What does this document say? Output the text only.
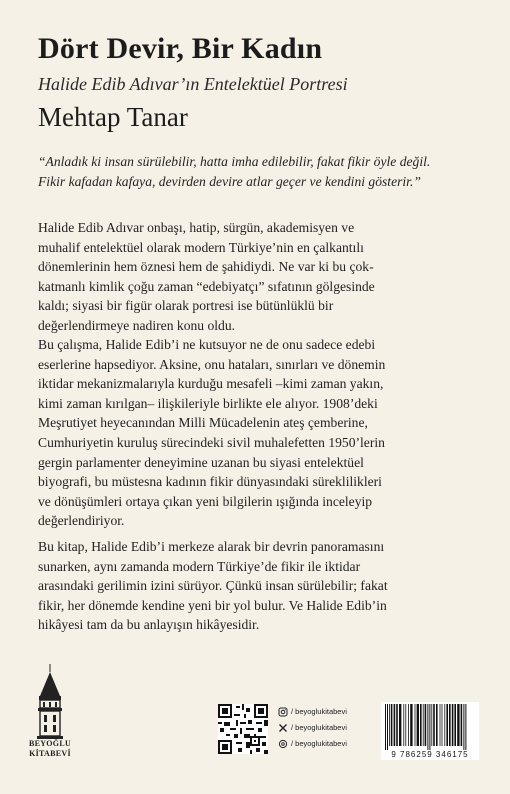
Dört Devir, Bir Kadın
Halide Edib Adıvar’ın Entelektüel Portresi
Mehtap Tanar
“Anladık ki insan sürülebilir, hatta imha edilebilir, fakat fikir öyle değil.
Fikir kafadan kafaya, devirden devire atlar geçer ve kendini gösterir.”
Halide Edib Adıvar onbaşı, hatip, sürgün, akademisyen ve
muhalif entelektüel olarak modern Türkiye’nin en çalkantılı
dönemlerinin hem öznesi hem de şahidiydi. Ne var ki bu çok-
katmanlı kimlik çoğu zaman “edebiyatçı” sıfatının gölgesinde
kaldı; siyasi bir figür olarak portresi ise bütünlüklü bir
değerlendirmeye nadiren konu oldu.
Bu çalışma, Halide Edib’i ne kutsuyor ne de onu sadece edebi
eserlerine hapsediyor. Aksine, onu hataları, sınırları ve dönemin
iktidar mekanizmalarıyla kurduğu mesafeli –kimi zaman yakın,
kimi zaman kırılgan– ilişkileriyle birlikte ele alıyor. 1908’deki
Meşrutiyet heyecanından Milli Mücadelenin ateş çemberine,
Cumhuriyetin kuruluş sürecindeki sivil muhalefetten 1950’lerin
gergin parlamenter deneyimine uzanan bu siyasi entelektüel
biyografi, bu müstesna kadının fikir dünyasındaki süreklilikleri
ve dönüşümleri ortaya çıkan yeni bilgilerin ışığında inceleyip
değerlendiriyor.
Bu kitap, Halide Edib’i merkeze alarak bir devrin panoramasını
sunarken, aynı zamanda modern Türkiye’de fikir ile iktidar
arasındaki gerilimin izini sürüyor. Çünkü insan sürülebilir; fakat
fikir, her dönemde kendine yeni bir yol bulur. Ve Halide Edib’in
hikâyesi tam da bu anlayışın hikâyesidir.
BEYOĞLU
KİTABEVİ
/ beyoglukitabevi
/ beyoglukitabevi
/ beyoglukitabevi
9 786259 346175
